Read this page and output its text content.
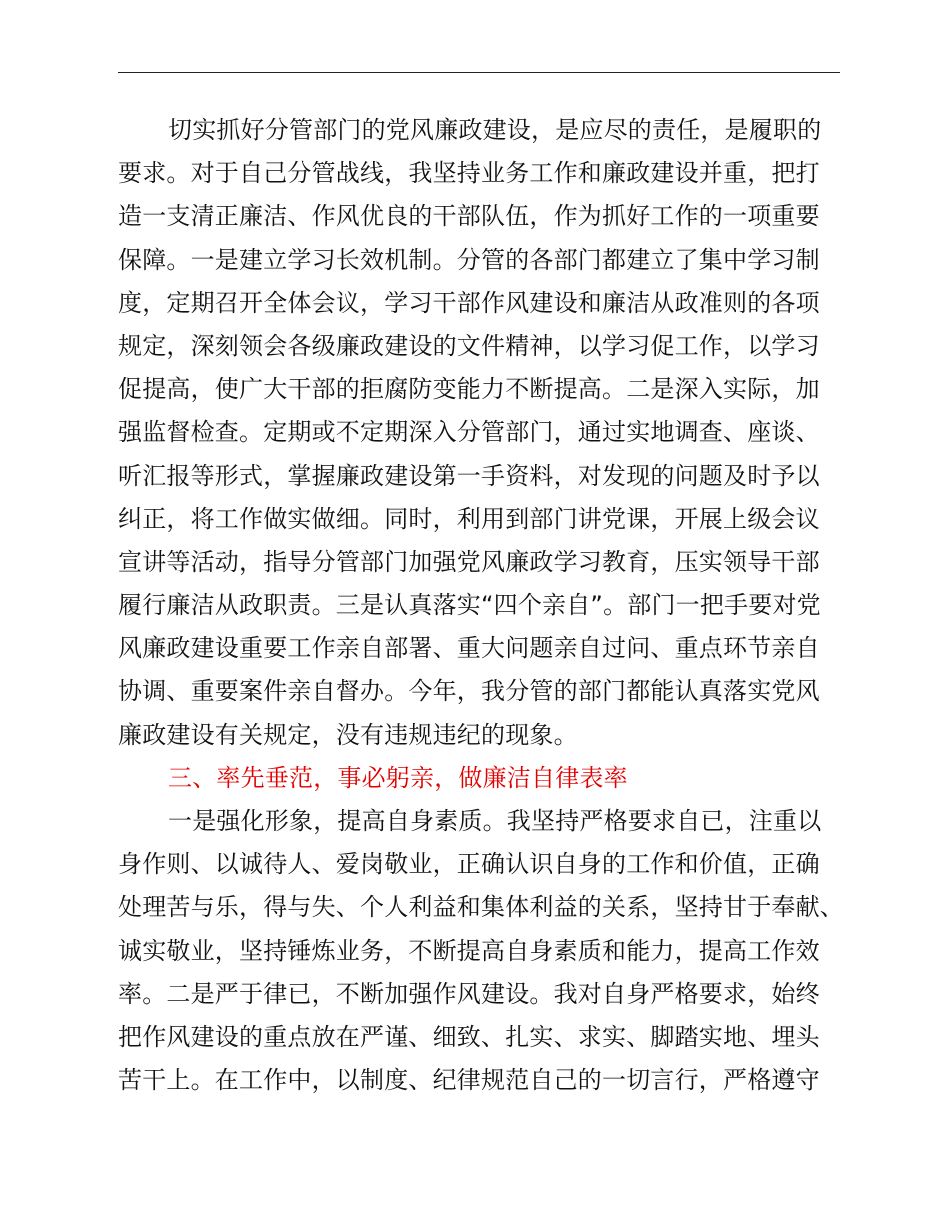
切实抓好分管部门的党风廉政建设，是应尽的责任，是履职的
要求。对于自己分管战线，我坚持业务工作和廉政建设并重，把打
造一支清正廉洁、作风优良的干部队伍，作为抓好工作的一项重要
保障。一是建立学习长效机制。分管的各部门都建立了集中学习制
度，定期召开全体会议，学习干部作风建设和廉洁从政准则的各项
规定，深刻领会各级廉政建设的文件精神，以学习促工作，以学习
促提高，使广大干部的拒腐防变能力不断提高。二是深入实际，加
强监督检查。定期或不定期深入分管部门，通过实地调查、座谈、
听汇报等形式，掌握廉政建设第一手资料，对发现的问题及时予以
纠正，将工作做实做细。同时，利用到部门讲党课，开展上级会议
宣讲等活动，指导分管部门加强党风廉政学习教育，压实领导干部
履行廉洁从政职责。三是认真落实“四个亲自”。部门一把手要对党
风廉政建设重要工作亲自部署、重大问题亲自过问、重点环节亲自
协调、重要案件亲自督办。今年，我分管的部门都能认真落实党风
廉政建设有关规定，没有违规违纪的现象。
三、率先垂范，事必躬亲，做廉洁自律表率
一是强化形象，提高自身素质。我坚持严格要求自已，注重以
身作则、以诚待人、爱岗敬业，正确认识自身的工作和价值，正确
处理苦与乐，得与失、个人利益和集体利益的关系，坚持甘于奉献、
诚实敬业，坚持锤炼业务，不断提高自身素质和能力，提高工作效
率。二是严于律已，不断加强作风建设。我对自身严格要求，始终
把作风建设的重点放在严谨、细致、扎实、求实、脚踏实地、埋头
苦干上。在工作中，以制度、纪律规范自己的一切言行，严格遵守
